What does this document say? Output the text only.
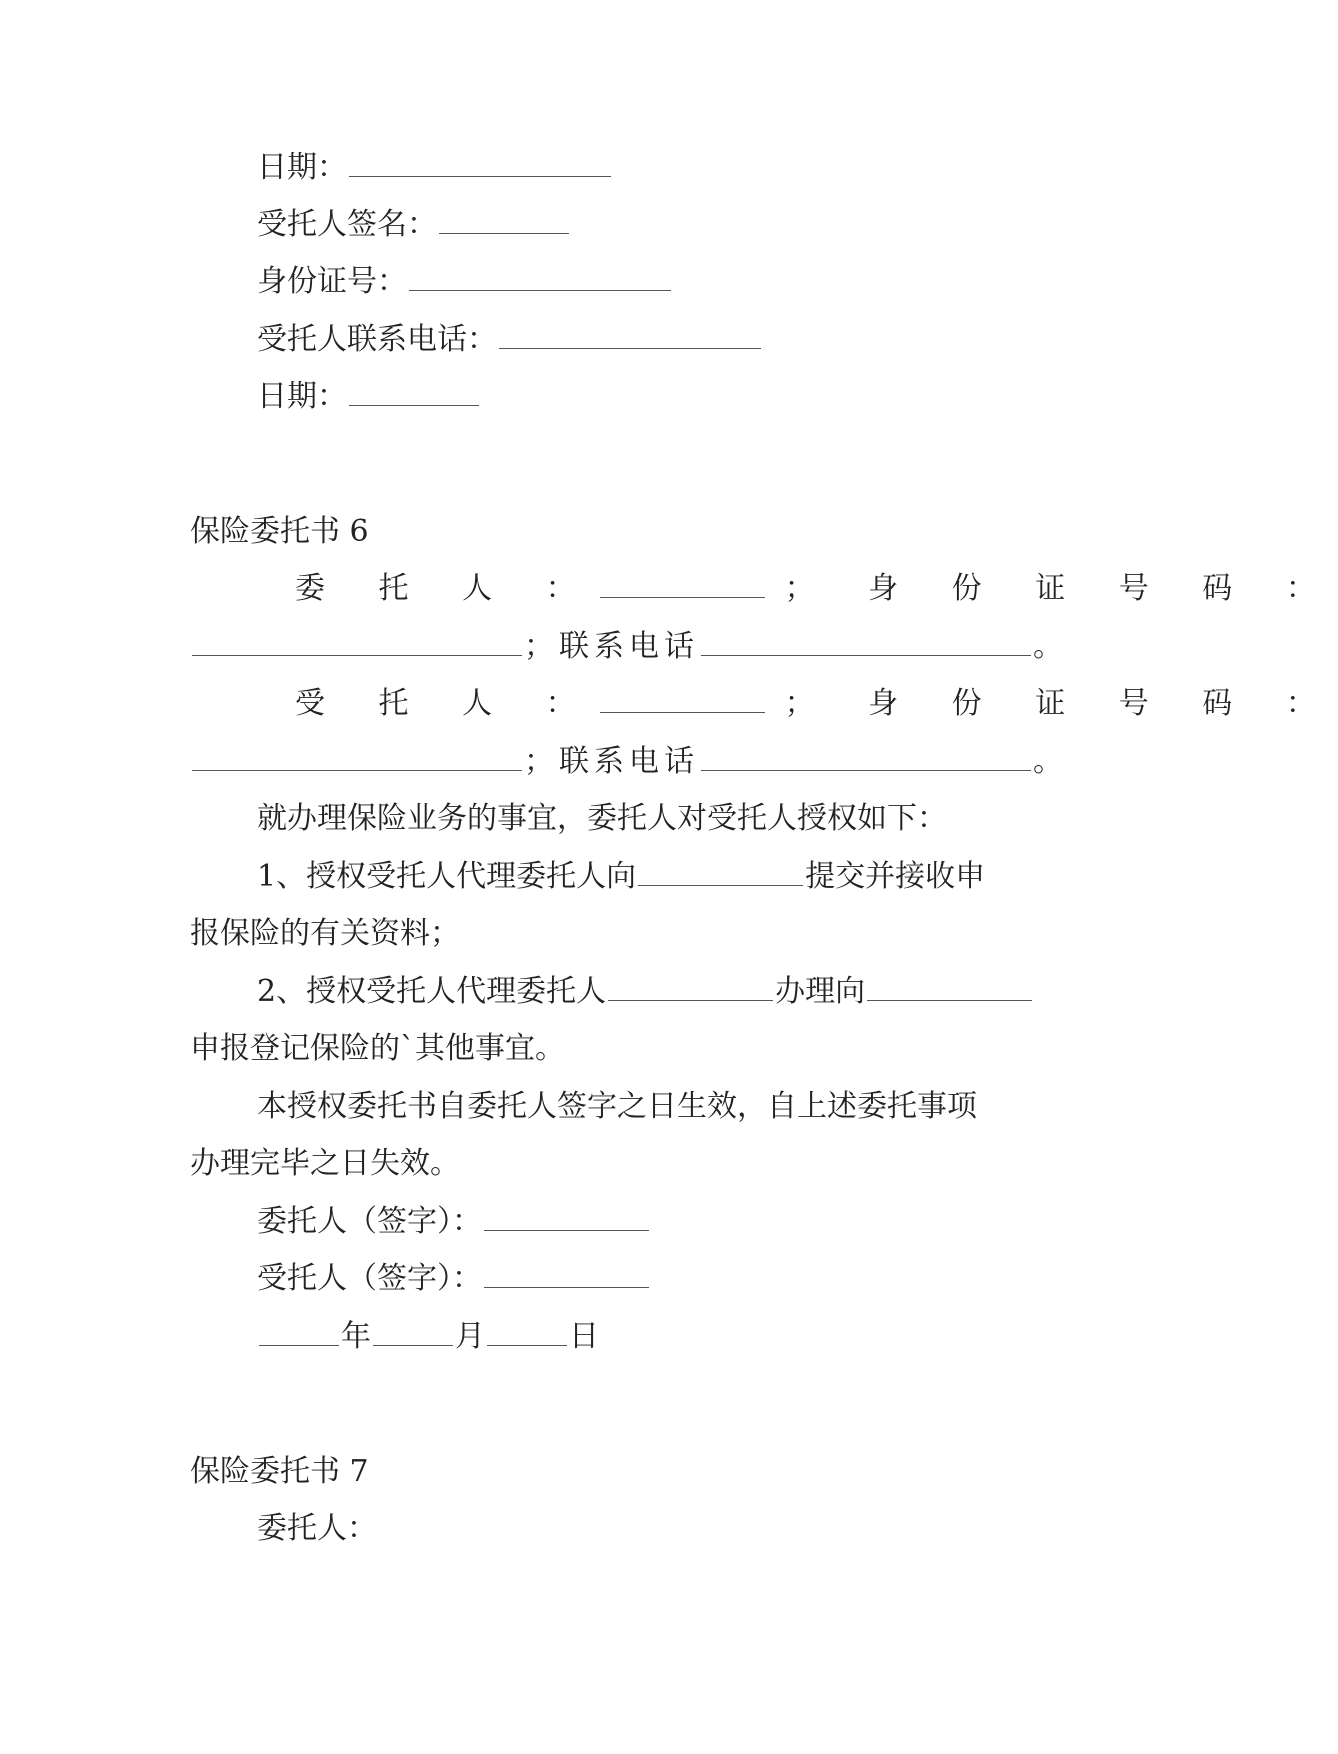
日期：
受托人签名：
身份证号：
受托人联系电话：
日期：
保险委托书 6
委 托 人 ：	； 身 份 证 号 码 ：
；联系电话	。
受 托 人 ：	； 身 份 证 号 码 ：
；联系电话	。
就办理保险业务的事宜，委托人对受托人授权如下：
1、授权受托人代理委托人向	提交并接收申
报保险的有关资料；
2、授权受托人代理委托人	办理向
申报登记保险的`其他事宜。
本授权委托书自委托人签字之日生效，自上述委托事项
办理完毕之日失效。
委托人（签字）：
受托人（签字）：
年	月	日
保险委托书 7
委托人：
